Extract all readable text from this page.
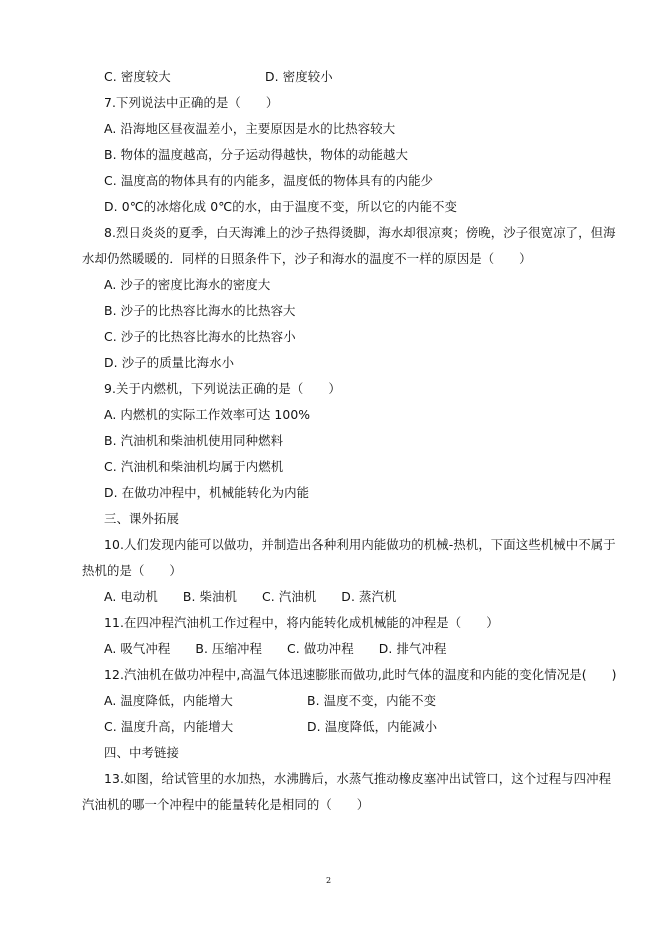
C. 密度较大	D. 密度较小
7.下列说法中正确的是（　　）
A. 沿海地区昼夜温差小，主要原因是水的比热容较大
B. 物体的温度越高，分子运动得越快，物体的动能越大
C. 温度高的物体具有的内能多，温度低的物体具有的内能少
D. 0℃的冰熔化成 0℃的水，由于温度不变，所以它的内能不变
8.烈日炎炎的夏季，白天海滩上的沙子热得烫脚，海水却很凉爽；傍晚，沙子很宽凉了，但海
水却仍然暖暖的．同样的日照条件下，沙子和海水的温度不一样的原因是（　　）
A. 沙子的密度比海水的密度大
B. 沙子的比热容比海水的比热容大
C. 沙子的比热容比海水的比热容小
D. 沙子的质量比海水小
9.关于内燃机，下列说法正确的是（　　）
A. 内燃机的实际工作效率可达 100%
B. 汽油机和柴油机使用同种燃料
C. 汽油机和柴油机均属于内燃机
D. 在做功冲程中，机械能转化为内能
三、课外拓展
10.人们发现内能可以做功，并制造出各种利用内能做功的机械-热机，下面这些机械中不属于
热机的是（　　）
A. 电动机　　B. 柴油机　　C. 汽油机　　D. 蒸汽机
11.在四冲程汽油机工作过程中，将内能转化成机械能的冲程是（　　）
A. 吸气冲程　　B. 压缩冲程　　C. 做功冲程　　D. 排气冲程
12.汽油机在做功冲程中,高温气体迅速膨胀而做功,此时气体的温度和内能的变化情况是(　　)
A. 温度降低，内能增大	B. 温度不变，内能不变
C. 温度升高，内能增大	D. 温度降低，内能减小
四、中考链接
13.如图，给试管里的水加热，水沸腾后，水蒸气推动橡皮塞冲出试管口，这个过程与四冲程
汽油机的哪一个冲程中的能量转化是相同的（　　）
2
